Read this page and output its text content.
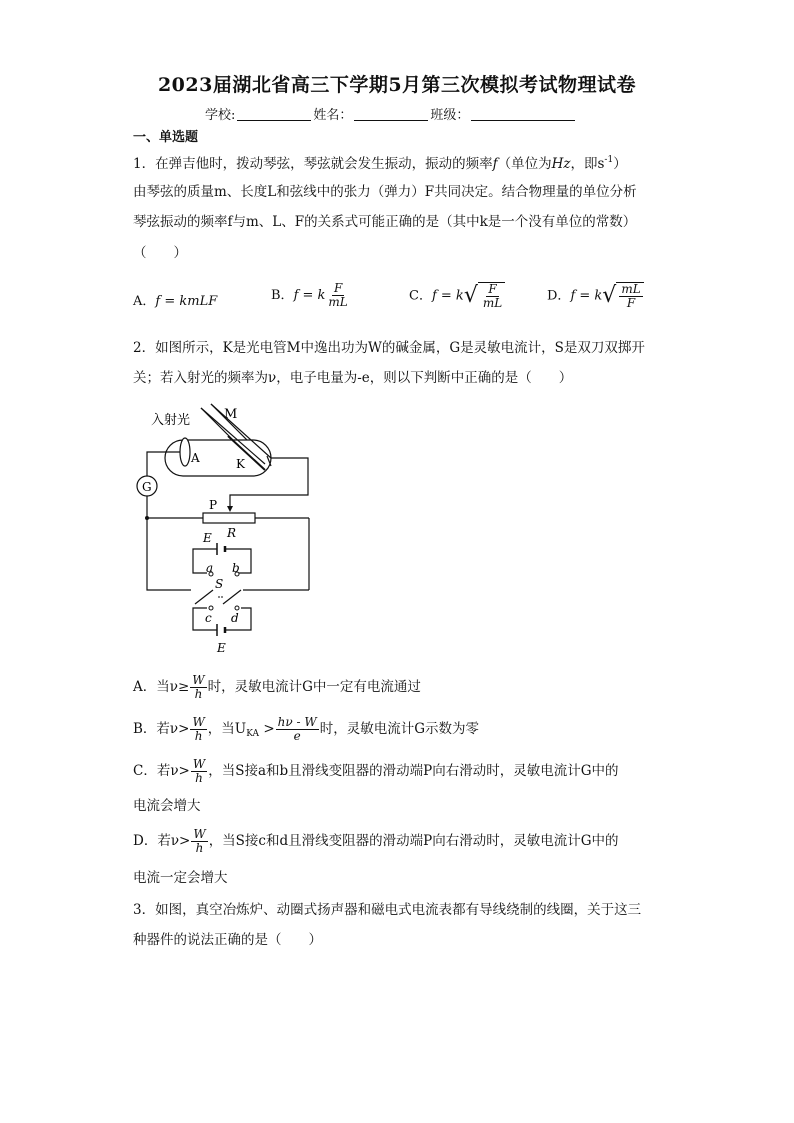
2023届湖北省高三下学期5月第三次模拟考试物理试卷
学校:	姓名：	班级：
一、单选题
1．在弹吉他时，拨动琴弦，琴弦就会发生振动，振动的频率f（单位为Hz，即$s^{-1}$）
由琴弦的质量m、长度L和弦线中的张力（弹力）F共同决定。结合物理量的单位分析
琴弦振动的频率f与m、L、F的关系式可能正确的是（其中k是一个没有单位的常数）
（　　）
A．f = kmLF	B．f = k $\frac{F}{mL}$	C．f = k √ $\frac{F}{mL}$	D．f = k √ $\frac{mL}{F}$
2．如图所示，K是光电管M中逸出功为W的碱金属，G是灵敏电流计，S是双刀双掷开
关；若入射光的频率为ν，电子电量为-e，则以下判断中正确的是（　　）
入射光	M
A	K
G
P
R
E
a b
S
c d
E
A．当$\nu\ge \frac{W}{h}$ 时，灵敏电流计G中一定有电流通过
B．若$\nu> \frac{W}{h}$ ，当$U_{KA} > \frac{h\nu - W}{e}$ 时，灵敏电流计G示数为零
C．若$\nu> \frac{W}{h}$ ，当S接a和b且滑线变阻器的滑动端P向右滑动时，灵敏电流计G中的
电流会增大
D．若$\nu> \frac{W}{h}$ ，当S接c和d且滑线变阻器的滑动端P向右滑动时，灵敏电流计G中的
电流一定会增大
3．如图，真空冶炼炉、动圈式扬声器和磁电式电流表都有导线绕制的线圈，关于这三
种器件的说法正确的是（　　）
